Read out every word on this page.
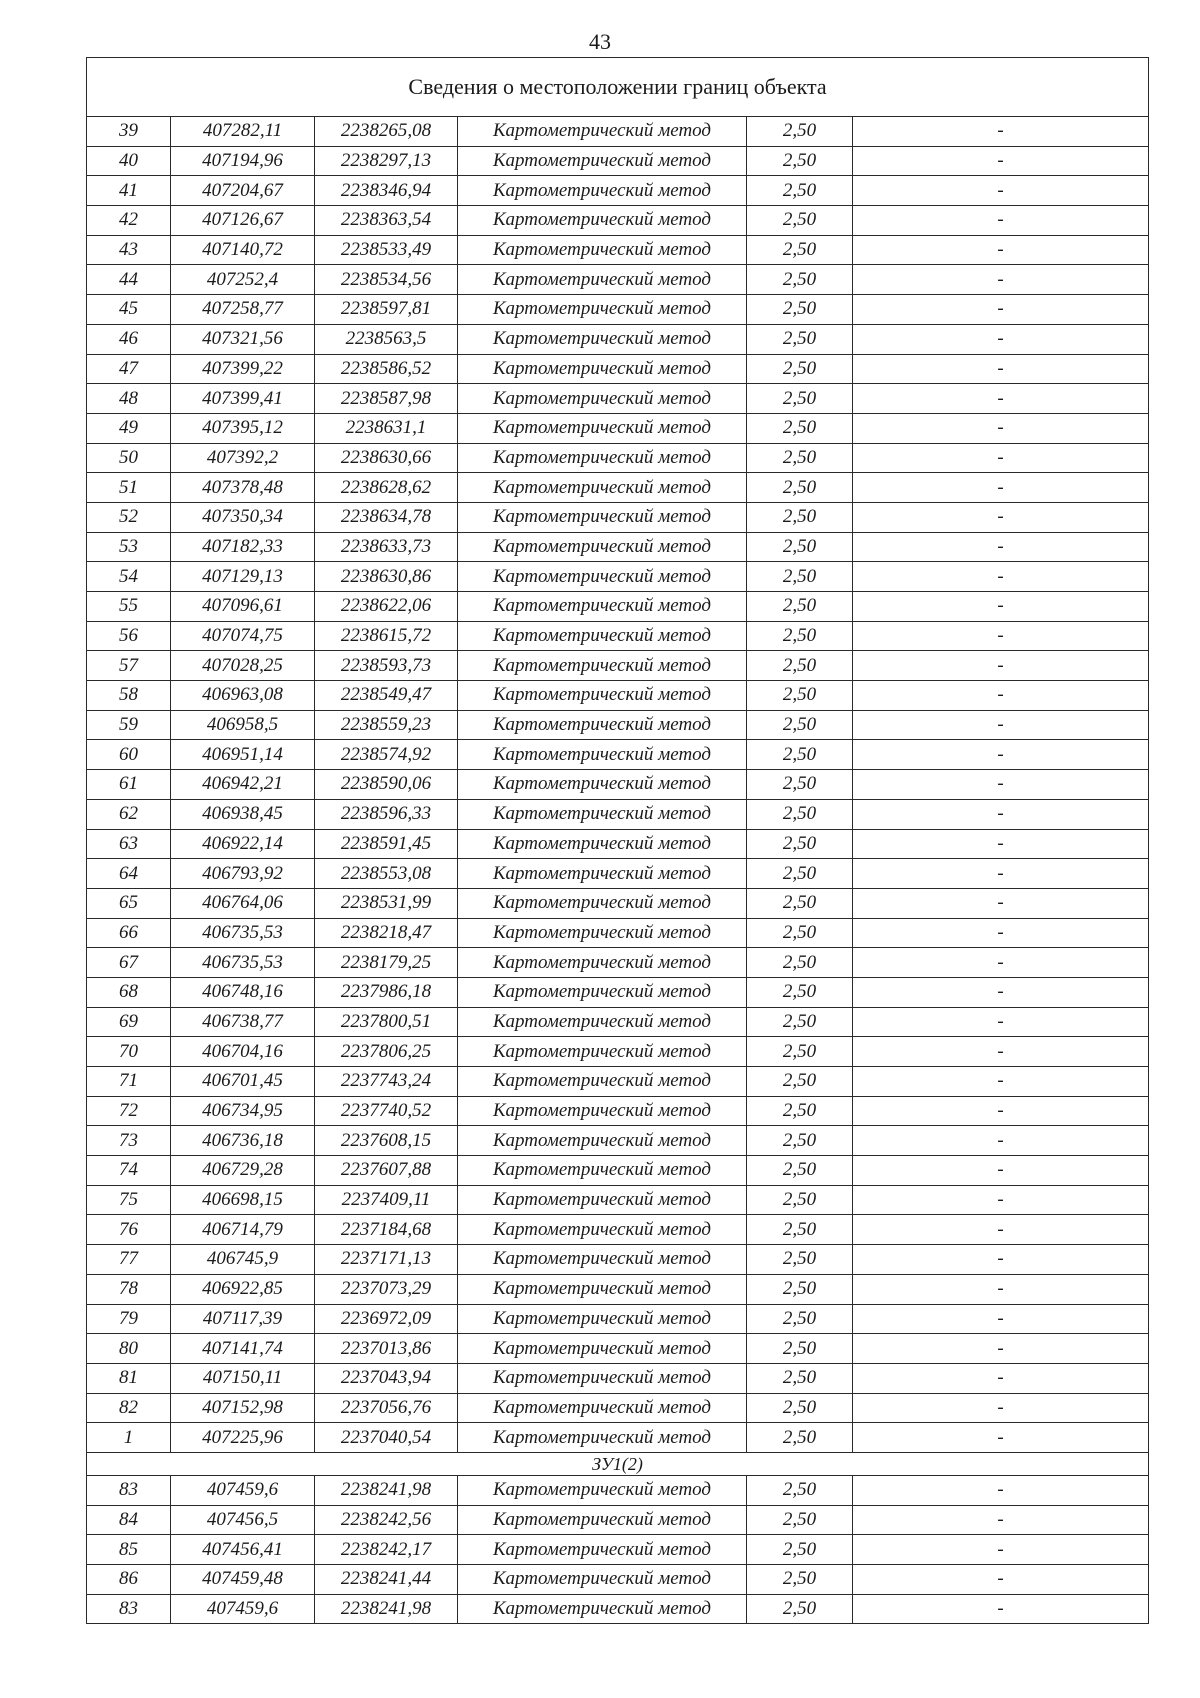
43
Сведения о местоположении границ объекта					
39	407282,11	2238265,08	Картометрический метод	2,50	-
40	407194,96	2238297,13	Картометрический метод	2,50	-
41	407204,67	2238346,94	Картометрический метод	2,50	-
42	407126,67	2238363,54	Картометрический метод	2,50	-
43	407140,72	2238533,49	Картометрический метод	2,50	-
44	407252,4	2238534,56	Картометрический метод	2,50	-
45	407258,77	2238597,81	Картометрический метод	2,50	-
46	407321,56	2238563,5	Картометрический метод	2,50	-
47	407399,22	2238586,52	Картометрический метод	2,50	-
48	407399,41	2238587,98	Картометрический метод	2,50	-
49	407395,12	2238631,1	Картометрический метод	2,50	-
50	407392,2	2238630,66	Картометрический метод	2,50	-
51	407378,48	2238628,62	Картометрический метод	2,50	-
52	407350,34	2238634,78	Картометрический метод	2,50	-
53	407182,33	2238633,73	Картометрический метод	2,50	-
54	407129,13	2238630,86	Картометрический метод	2,50	-
55	407096,61	2238622,06	Картометрический метод	2,50	-
56	407074,75	2238615,72	Картометрический метод	2,50	-
57	407028,25	2238593,73	Картометрический метод	2,50	-
58	406963,08	2238549,47	Картометрический метод	2,50	-
59	406958,5	2238559,23	Картометрический метод	2,50	-
60	406951,14	2238574,92	Картометрический метод	2,50	-
61	406942,21	2238590,06	Картометрический метод	2,50	-
62	406938,45	2238596,33	Картометрический метод	2,50	-
63	406922,14	2238591,45	Картометрический метод	2,50	-
64	406793,92	2238553,08	Картометрический метод	2,50	-
65	406764,06	2238531,99	Картометрический метод	2,50	-
66	406735,53	2238218,47	Картометрический метод	2,50	-
67	406735,53	2238179,25	Картометрический метод	2,50	-
68	406748,16	2237986,18	Картометрический метод	2,50	-
69	406738,77	2237800,51	Картометрический метод	2,50	-
70	406704,16	2237806,25	Картометрический метод	2,50	-
71	406701,45	2237743,24	Картометрический метод	2,50	-
72	406734,95	2237740,52	Картометрический метод	2,50	-
73	406736,18	2237608,15	Картометрический метод	2,50	-
74	406729,28	2237607,88	Картометрический метод	2,50	-
75	406698,15	2237409,11	Картометрический метод	2,50	-
76	406714,79	2237184,68	Картометрический метод	2,50	-
77	406745,9	2237171,13	Картометрический метод	2,50	-
78	406922,85	2237073,29	Картометрический метод	2,50	-
79	407117,39	2236972,09	Картометрический метод	2,50	-
80	407141,74	2237013,86	Картометрический метод	2,50	-
81	407150,11	2237043,94	Картометрический метод	2,50	-
82	407152,98	2237056,76	Картометрический метод	2,50	-
1	407225,96	2237040,54	Картометрический метод	2,50	-
ЗУ1(2)					
83	407459,6	2238241,98	Картометрический метод	2,50	-
84	407456,5	2238242,56	Картометрический метод	2,50	-
85	407456,41	2238242,17	Картометрический метод	2,50	-
86	407459,48	2238241,44	Картометрический метод	2,50	-
83	407459,6	2238241,98	Картометрический метод	2,50	-
